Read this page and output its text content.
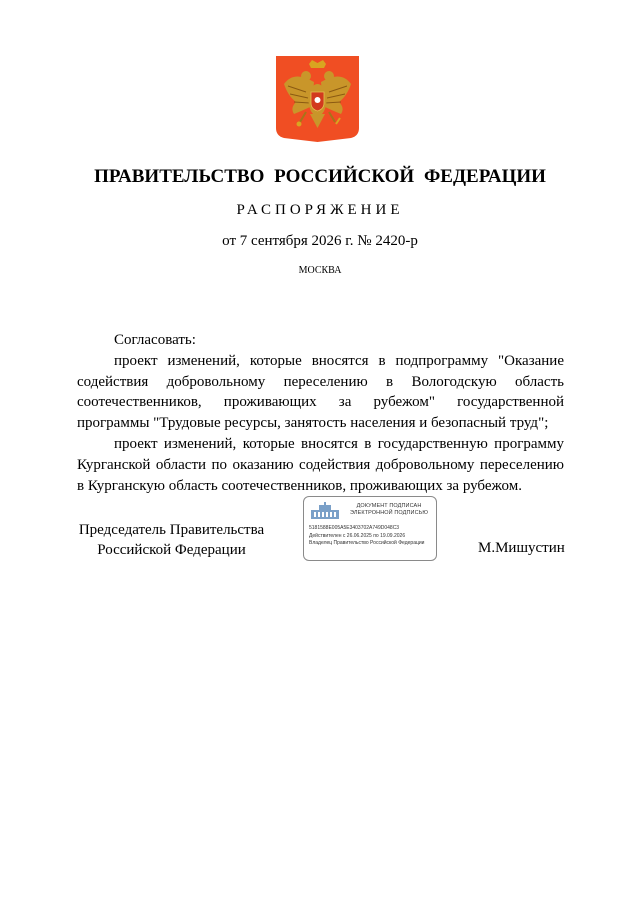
ПРАВИТЕЛЬСТВО РОССИЙСКОЙ ФЕДЕРАЦИИ
РАСПОРЯЖЕНИЕ
от 7 сентября 2026 г. № 2420-р
МОСКВА

Согласовать:

проект изменений, которые вносятся в подпрограмму "Оказание содействия добровольному переселению в Вологодскую область соотечественников, проживающих за рубежом" государственной программы "Трудовые ресурсы, занятость населения и безопасный труд";

проект изменений, которые вносятся в государственную программу Курганской области по оказанию содействия добровольному переселению в Курганскую область соотечественников, проживающих за рубежом.

Председатель Правительства
Российской Федерации
ДОКУМЕНТ ПОДПИСАН ЭЛЕКТРОННОЙ ПОДПИСЬЮ
5181588E005A5E3403702A749D048C3
Действителен с 26.06.2025 по 19.09.2026
Владелец Правительство Российской Федерации	М.Мишустин
